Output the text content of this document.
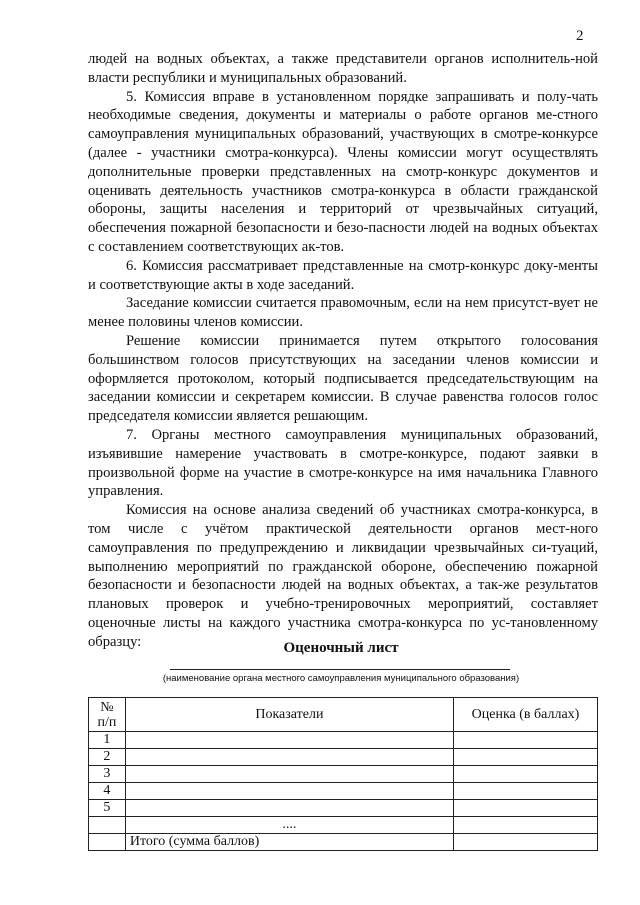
2

людей на водных объектах, а также представители органов исполнитель-ной власти республики и муниципальных образований.

5. Комиссия вправе в установленном порядке запрашивать и полу-чать необходимые сведения, документы и материалы о работе органов ме-стного самоуправления муниципальных образований, участвующих в смотре-конкурсе (далее - участники смотра-конкурса). Члены комиссии могут осуществлять дополнительные проверки представленных на смотр-конкурс документов и оценивать деятельность участников смотра-конкурса в области гражданской обороны, защиты населения и территорий от чрезвычайных ситуаций, обеспечения пожарной безопасности и безо-пасности людей на водных объектах с составлением соответствующих ак-тов.

6. Комиссия рассматривает представленные на смотр-конкурс доку-менты и соответствующие акты в ходе заседаний.

Заседание комиссии считается правомочным, если на нем присутст-вует не менее половины членов комиссии.

Решение комиссии принимается путем открытого голосования большинством голосов присутствующих на заседании членов комиссии и оформляется протоколом, который подписывается председательствующим на заседании комиссии и секретарем комиссии. В случае равенства голосов голос председателя комиссии является решающим.

7. Органы местного самоуправления муниципальных образований, изъявившие намерение участвовать в смотре-конкурсе, подают заявки в произвольной форме на участие в смотре-конкурсе на имя начальника Главного управления.

Комиссия на основе анализа сведений об участниках смотра-конкурса, в том числе с учётом практической деятельности органов мест-ного самоуправления по предупреждению и ликвидации чрезвычайных си-туаций, выполнению мероприятий по гражданской обороне, обеспечению пожарной безопасности и безопасности людей на водных объектах, а так-же результатов плановых проверок и учебно-тренировочных мероприятий, составляет оценочные листы на каждого участника смотра-конкурса по ус-тановленному образцу:	Оценочный лист
(наименование органа местного самоуправления муниципального образования)
№ п/п	Показатели	Оценка (в баллах)
1		
2		
3		
4		
5		
	....	
	Итого (сумма баллов)	
